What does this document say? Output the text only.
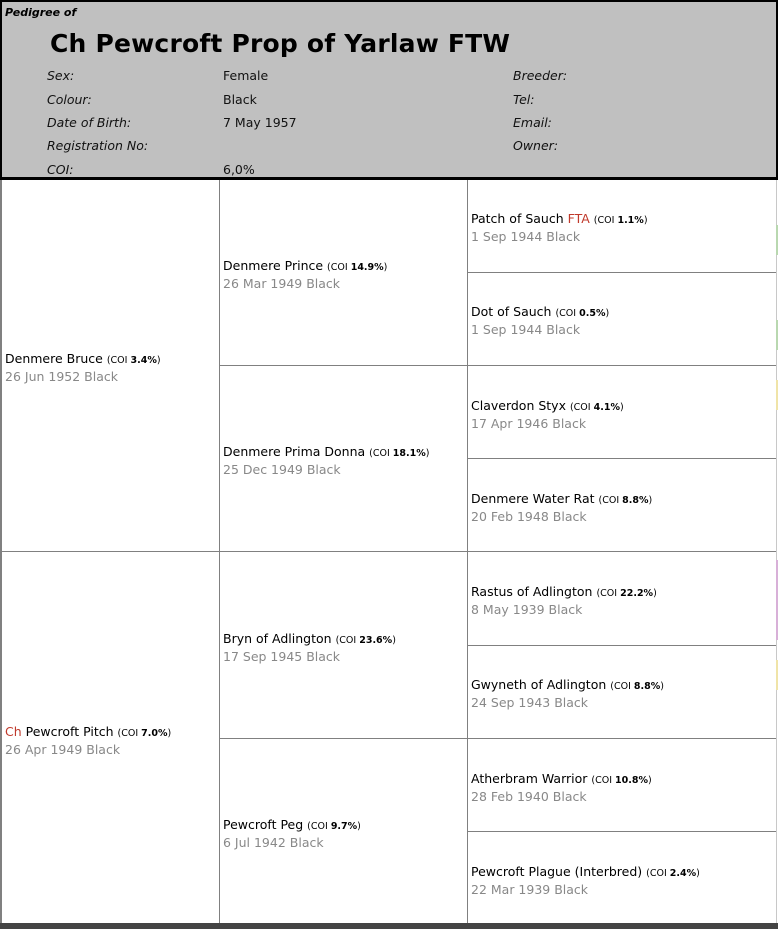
Pedigree of
Ch Pewcroft Prop of Yarlaw FTW
Sex:	Female
Colour:	Black
Date of Birth:	7 May 1957
Registration No:
COI:	6,0%
Breeder:
Tel:
Email:
Owner:
Denmere Bruce (COI 3.4%)
26 Jun 1952 Black
Ch Pewcroft Pitch (COI 7.0%)
26 Apr 1949 Black
Denmere Prince (COI 14.9%)
26 Mar 1949 Black
Denmere Prima Donna (COI 18.1%)
25 Dec 1949 Black
Bryn of Adlington (COI 23.6%)
17 Sep 1945 Black
Pewcroft Peg (COI 9.7%)
6 Jul 1942 Black
Patch of Sauch FTA (COI 1.1%)
1 Sep 1944 Black
Dot of Sauch (COI 0.5%)
1 Sep 1944 Black
Claverdon Styx (COI 4.1%)
17 Apr 1946 Black
Denmere Water Rat (COI 8.8%)
20 Feb 1948 Black
Rastus of Adlington (COI 22.2%)
8 May 1939 Black
Gwyneth of Adlington (COI 8.8%)
24 Sep 1943 Black
Atherbram Warrior (COI 10.8%)
28 Feb 1940 Black
Pewcroft Plague (Interbred) (COI 2.4%)
22 Mar 1939 Black
